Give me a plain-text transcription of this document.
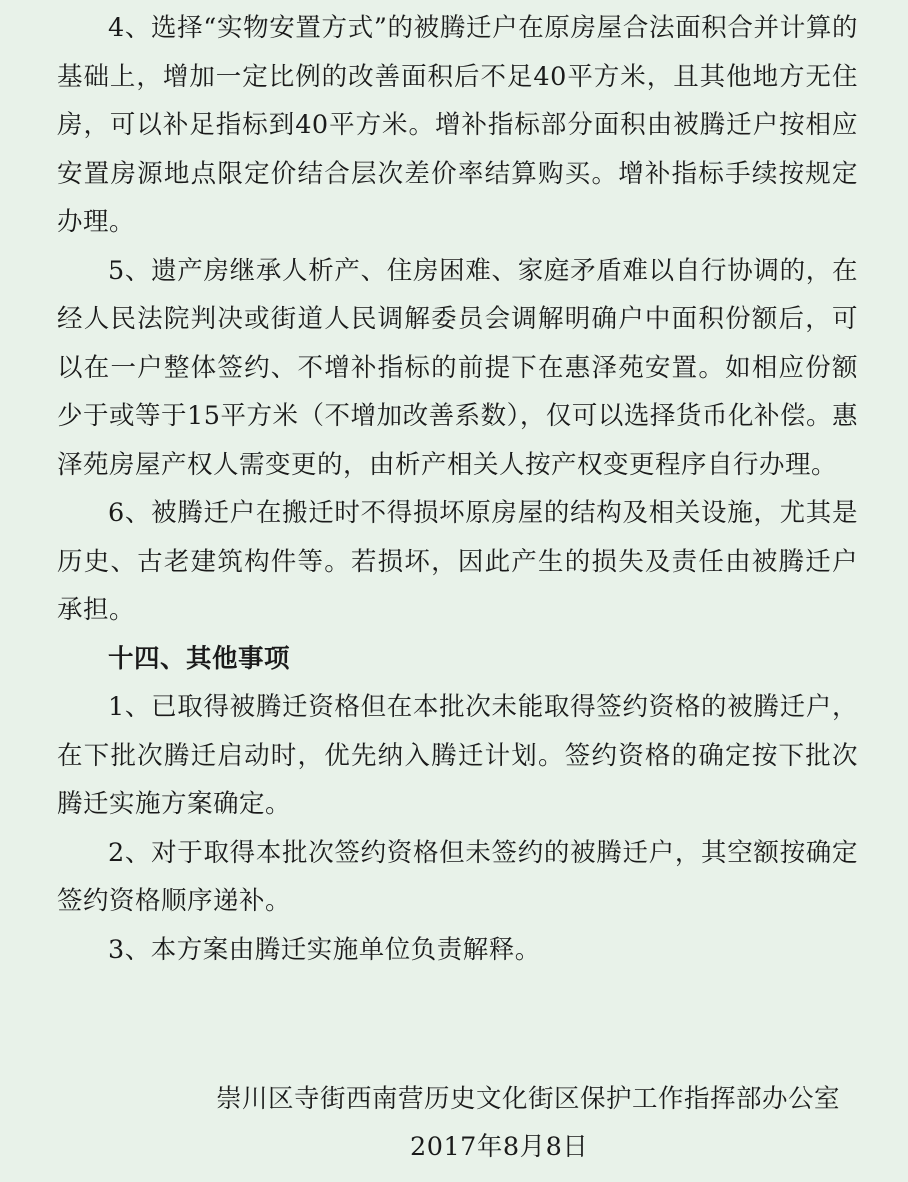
4、选择“实物安置方式”的被腾迁户在原房屋合法面积合并计算的基础上，增加一定比例的改善面积后不足40平方米，且其他地方无住房，可以补足指标到40平方米。增补指标部分面积由被腾迁户按相应安置房源地点限定价结合层次差价率结算购买。增补指标手续按规定办理。

5、遗产房继承人析产、住房困难、家庭矛盾难以自行协调的，在经人民法院判决或街道人民调解委员会调解明确户中面积份额后，可以在一户整体签约、不增补指标的前提下在惠泽苑安置。如相应份额少于或等于15平方米（不增加改善系数），仅可以选择货币化补偿。惠泽苑房屋产权人需变更的，由析产相关人按产权变更程序自行办理。

6、被腾迁户在搬迁时不得损坏原房屋的结构及相关设施，尤其是历史、古老建筑构件等。若损坏，因此产生的损失及责任由被腾迁户承担。

十四、其他事项

1、已取得被腾迁资格但在本批次未能取得签约资格的被腾迁户，在下批次腾迁启动时，优先纳入腾迁计划。签约资格的确定按下批次腾迁实施方案确定。

2、对于取得本批次签约资格但未签约的被腾迁户，其空额按确定签约资格顺序递补。

3、本方案由腾迁实施单位负责解释。

崇川区寺街西南营历史文化街区保护工作指挥部办公室
2017年8月8日
